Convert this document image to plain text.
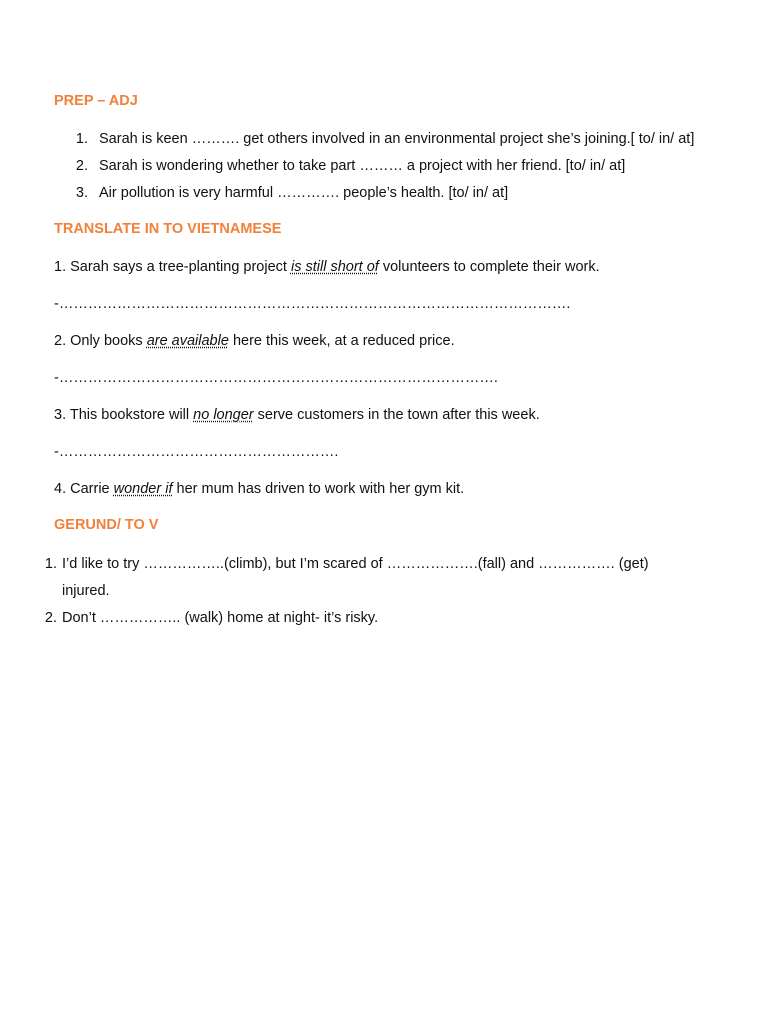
PREP – ADJ
1. Sarah is keen ………. get others involved in an environmental project she’s joining.[ to/ in/ at]
2. Sarah is wondering whether to take part ……… a project with her friend. [to/ in/ at]
3. Air pollution is very harmful …………. people’s health. [to/ in/ at]
TRANSLATE IN TO VIETNAMESE
1. Sarah says a tree-planting project is still short of volunteers to complete their work.
-…………………………………………………………………………………………….
2. Only books are available here this week, at a reduced price.
-……………………………………………………………………………….
3. This bookstore will no longer serve customers in the town after this week.
-………………………………………………….
4. Carrie wonder if her mum has driven to work with her gym kit.
GERUND/ TO V
1. I’d like to try ……………..(climb), but I’m scared of ……………….(fall) and ……………. (get)
injured.
2. Don’t …………….. (walk) home at night- it’s risky.
